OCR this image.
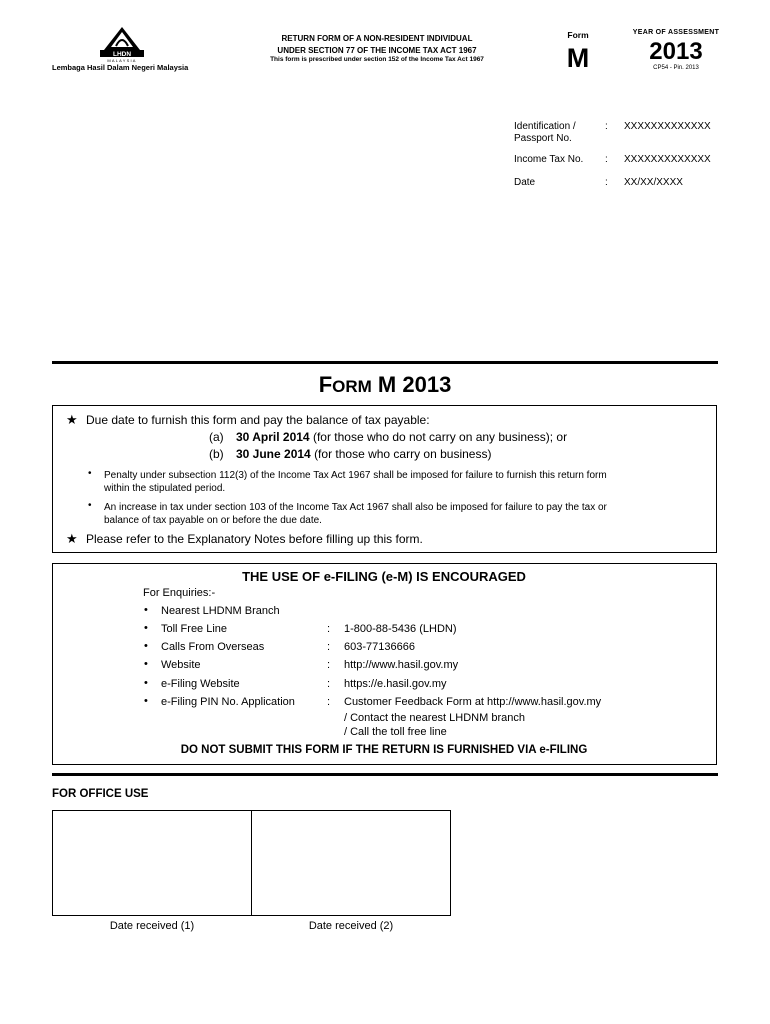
LHDN
MALAYSIA
Lembaga Hasil Dalam Negeri Malaysia
RETURN FORM OF A NON-RESIDENT INDIVIDUAL
UNDER SECTION 77 OF THE INCOME TAX ACT 1967
This form is prescribed under section 152 of the Income Tax Act 1967
Form
M
YEAR OF ASSESSMENT
2013
CP54 - Pin. 2013
Identification /
Passport No.
: XXXXXXXXXXXXX
Income Tax No. : XXXXXXXXXXXXX
Date	: XX/XX/XXXX
FORM M 2013
★ Due date to furnish this form and pay the balance of tax payable:
(a) 30 April 2014 (for those who do not carry on any business); or
(b) 30 June 2014 (for those who carry on business)
• Penalty under subsection 112(3) of the Income Tax Act 1967 shall be imposed for failure to furnish this return form
within the stipulated period.
• An increase in tax under section 103 of the Income Tax Act 1967 shall also be imposed for failure to pay the tax or
balance of tax payable on or before the due date.
★ Please refer to the Explanatory Notes before filling up this form.
THE USE OF e-FILING (e-M) IS ENCOURAGED
For Enquiries:-
• Nearest LHDNM Branch
• Toll Free Line	: 1-800-88-5436 (LHDN)
• Calls From Overseas	: 603-77136666
• Website	: http://www.hasil.gov.my
• e-Filing Website	: https://e.hasil.gov.my
• e-Filing PIN No. Application	: Customer Feedback Form at http://www.hasil.gov.my
/ Contact the nearest LHDNM branch
/ Call the toll free line
DO NOT SUBMIT THIS FORM IF THE RETURN IS FURNISHED VIA e-FILING
FOR OFFICE USE
Date received (1)	Date received (2)
